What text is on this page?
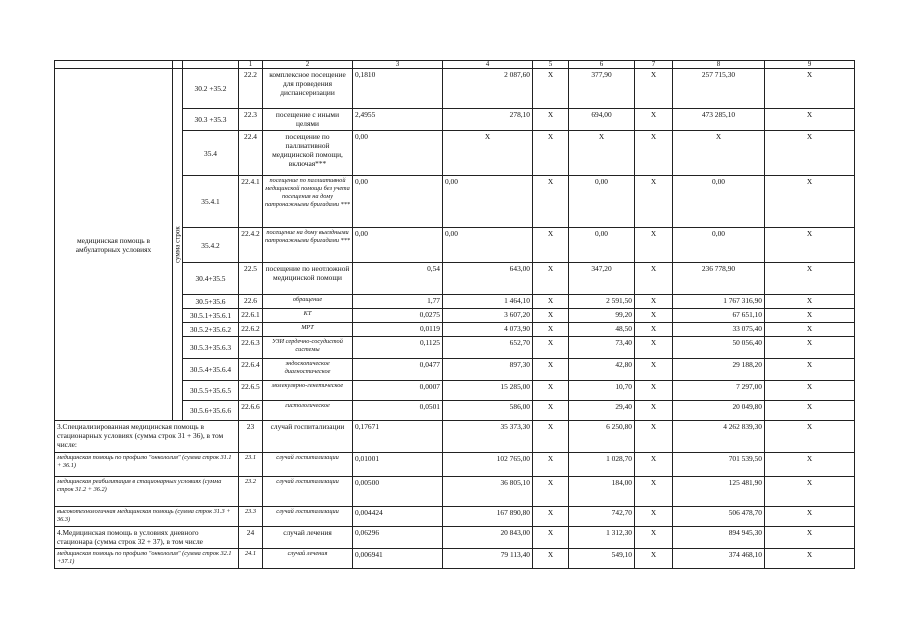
			1	2	3	4	5	6	7	8	9
медицинская помощь в амбулаторных условиях	сумма строк	30.2 +35.2	22.2	комплексное посещение для проведения диспансеризации	0,1810	2 087,60	X	377,90	X	257 715,30	X
		30.3 +35.3	22.3	посещение с иными целями	2,4955	278,10	X	694,00	X	473 285,10	X
		35.4	22.4	посещение по паллиативной медицинской помощи, включая***	0,00	X	X	X	X	X	X
		35.4.1	22.4.1	посещение по паллиативной медицинской помощи без учета посещения на дому патронажными бригадами ***	0,00	0,00	X	0,00	X	0,00	X
		35.4.2	22.4.2	посещение на дому выездными патронажными бригадами ***	0,00	0,00	X	0,00	X	0,00	X
		30.4+35.5	22.5	посещение по неотложной медицинской помощи	0,54	643,00	X	347,20	X	236 778,90	X
		30.5+35.6	22.6	обращение	1,77	1 464,10	X	2 591,50	X	1 767 316,90	X
		30.5.1+35.6.1	22.6.1	КТ	0,0275	3 607,20	X	99,20	X	67 651,10	X
		30.5.2+35.6.2	22.6.2	МРТ	0,0119	4 073,90	X	48,50	X	33 075,40	X
		30.5.3+35.6.3	22.6.3	УЗИ сердечно-сосудистой системы	0,1125	652,70	X	73,40	X	50 056,40	X
		30.5.4+35.6.4	22.6.4	эндоскопическое диагностическое	0,0477	897,30	X	42,80	X	29 188,20	X
		30.5.5+35.6.5	22.6.5	молекулярно-генетическое	0,0007	15 285,00	X	10,70	X	7 297,00	X
		30.5.6+35.6.6	22.6.6	гистологическое	0,0501	586,00	X	29,40	X	20 049,80	X
3.Специализированная медицинская помощь в стационарных условиях (сумма строк 31 + 36), в том числе:			23	случай госпитализации	0,17671	35 373,30	X	6 250,80	X	4 262 839,30	X
медицинская помощь по профилю "онкология" (сумма строк 31.1 + 36.1)			23.1	случай госпитализации	0,01001	102 765,00	X	1 028,70	X	701 539,50	X
медицинская реабилитация в стационарных условиях (сумма строк 31.2 + 36.2)			23.2	случай госпитализации	0,00500	36 805,10	X	184,00	X	125 481,90	X
высокотехнологичная медицинская помощь (сумма строк 31.3 + 36.3)			23.3	случай госпитализации	0,004424	167 890,80	X	742,70	X	506 478,70	X
4.Медицинская помощь в условиях дневного стационара (сумма строк 32 + 37), в том числе			24	случай лечения	0,06296	20 843,00	X	1 312,30	X	894 945,30	X
медицинская помощь по профилю "онкология" (сумма строк 32.1 +37.1)			24.1	случай лечения	0,006941	79 113,40	X	549,10	X	374 468,10	X
